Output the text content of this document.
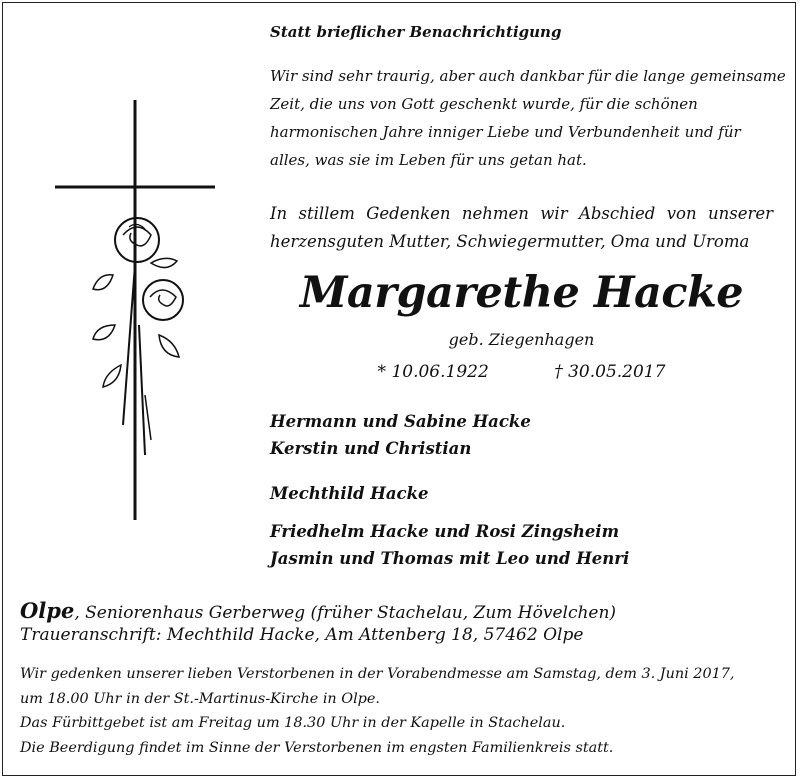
Statt brieflicher Benachrichtigung

Wir sind sehr traurig, aber auch dankbar für die lange gemeinsame
Zeit, die uns von Gott geschenkt wurde, für die schönen
harmonischen Jahre inniger Liebe und Verbundenheit und für
alles, was sie im Leben für uns getan hat.
In stillem Gedenken nehmen wir Abschied von unserer
herzensguten Mutter, Schwiegermutter, Oma und Uroma
Margarethe Hacke
geb. Ziegenhagen
* 10.06.1922	† 30.05.2017
Hermann und Sabine Hacke
Kerstin und Christian
Mechthild Hacke
Friedhelm Hacke und Rosi Zingsheim
Jasmin und Thomas mit Leo und Henri
Olpe, Seniorenhaus Gerberweg (früher Stachelau, Zum Hövelchen)
Traueranschrift: Mechthild Hacke, Am Attenberg 18, 57462 Olpe
Wir gedenken unserer lieben Verstorbenen in der Vorabendmesse am Samstag, dem 3. Juni 2017,
um 18.00 Uhr in der St.-Martinus-Kirche in Olpe.
Das Fürbittgebet ist am Freitag um 18.30 Uhr in der Kapelle in Stachelau.
Die Beerdigung findet im Sinne der Verstorbenen im engsten Familienkreis statt.
